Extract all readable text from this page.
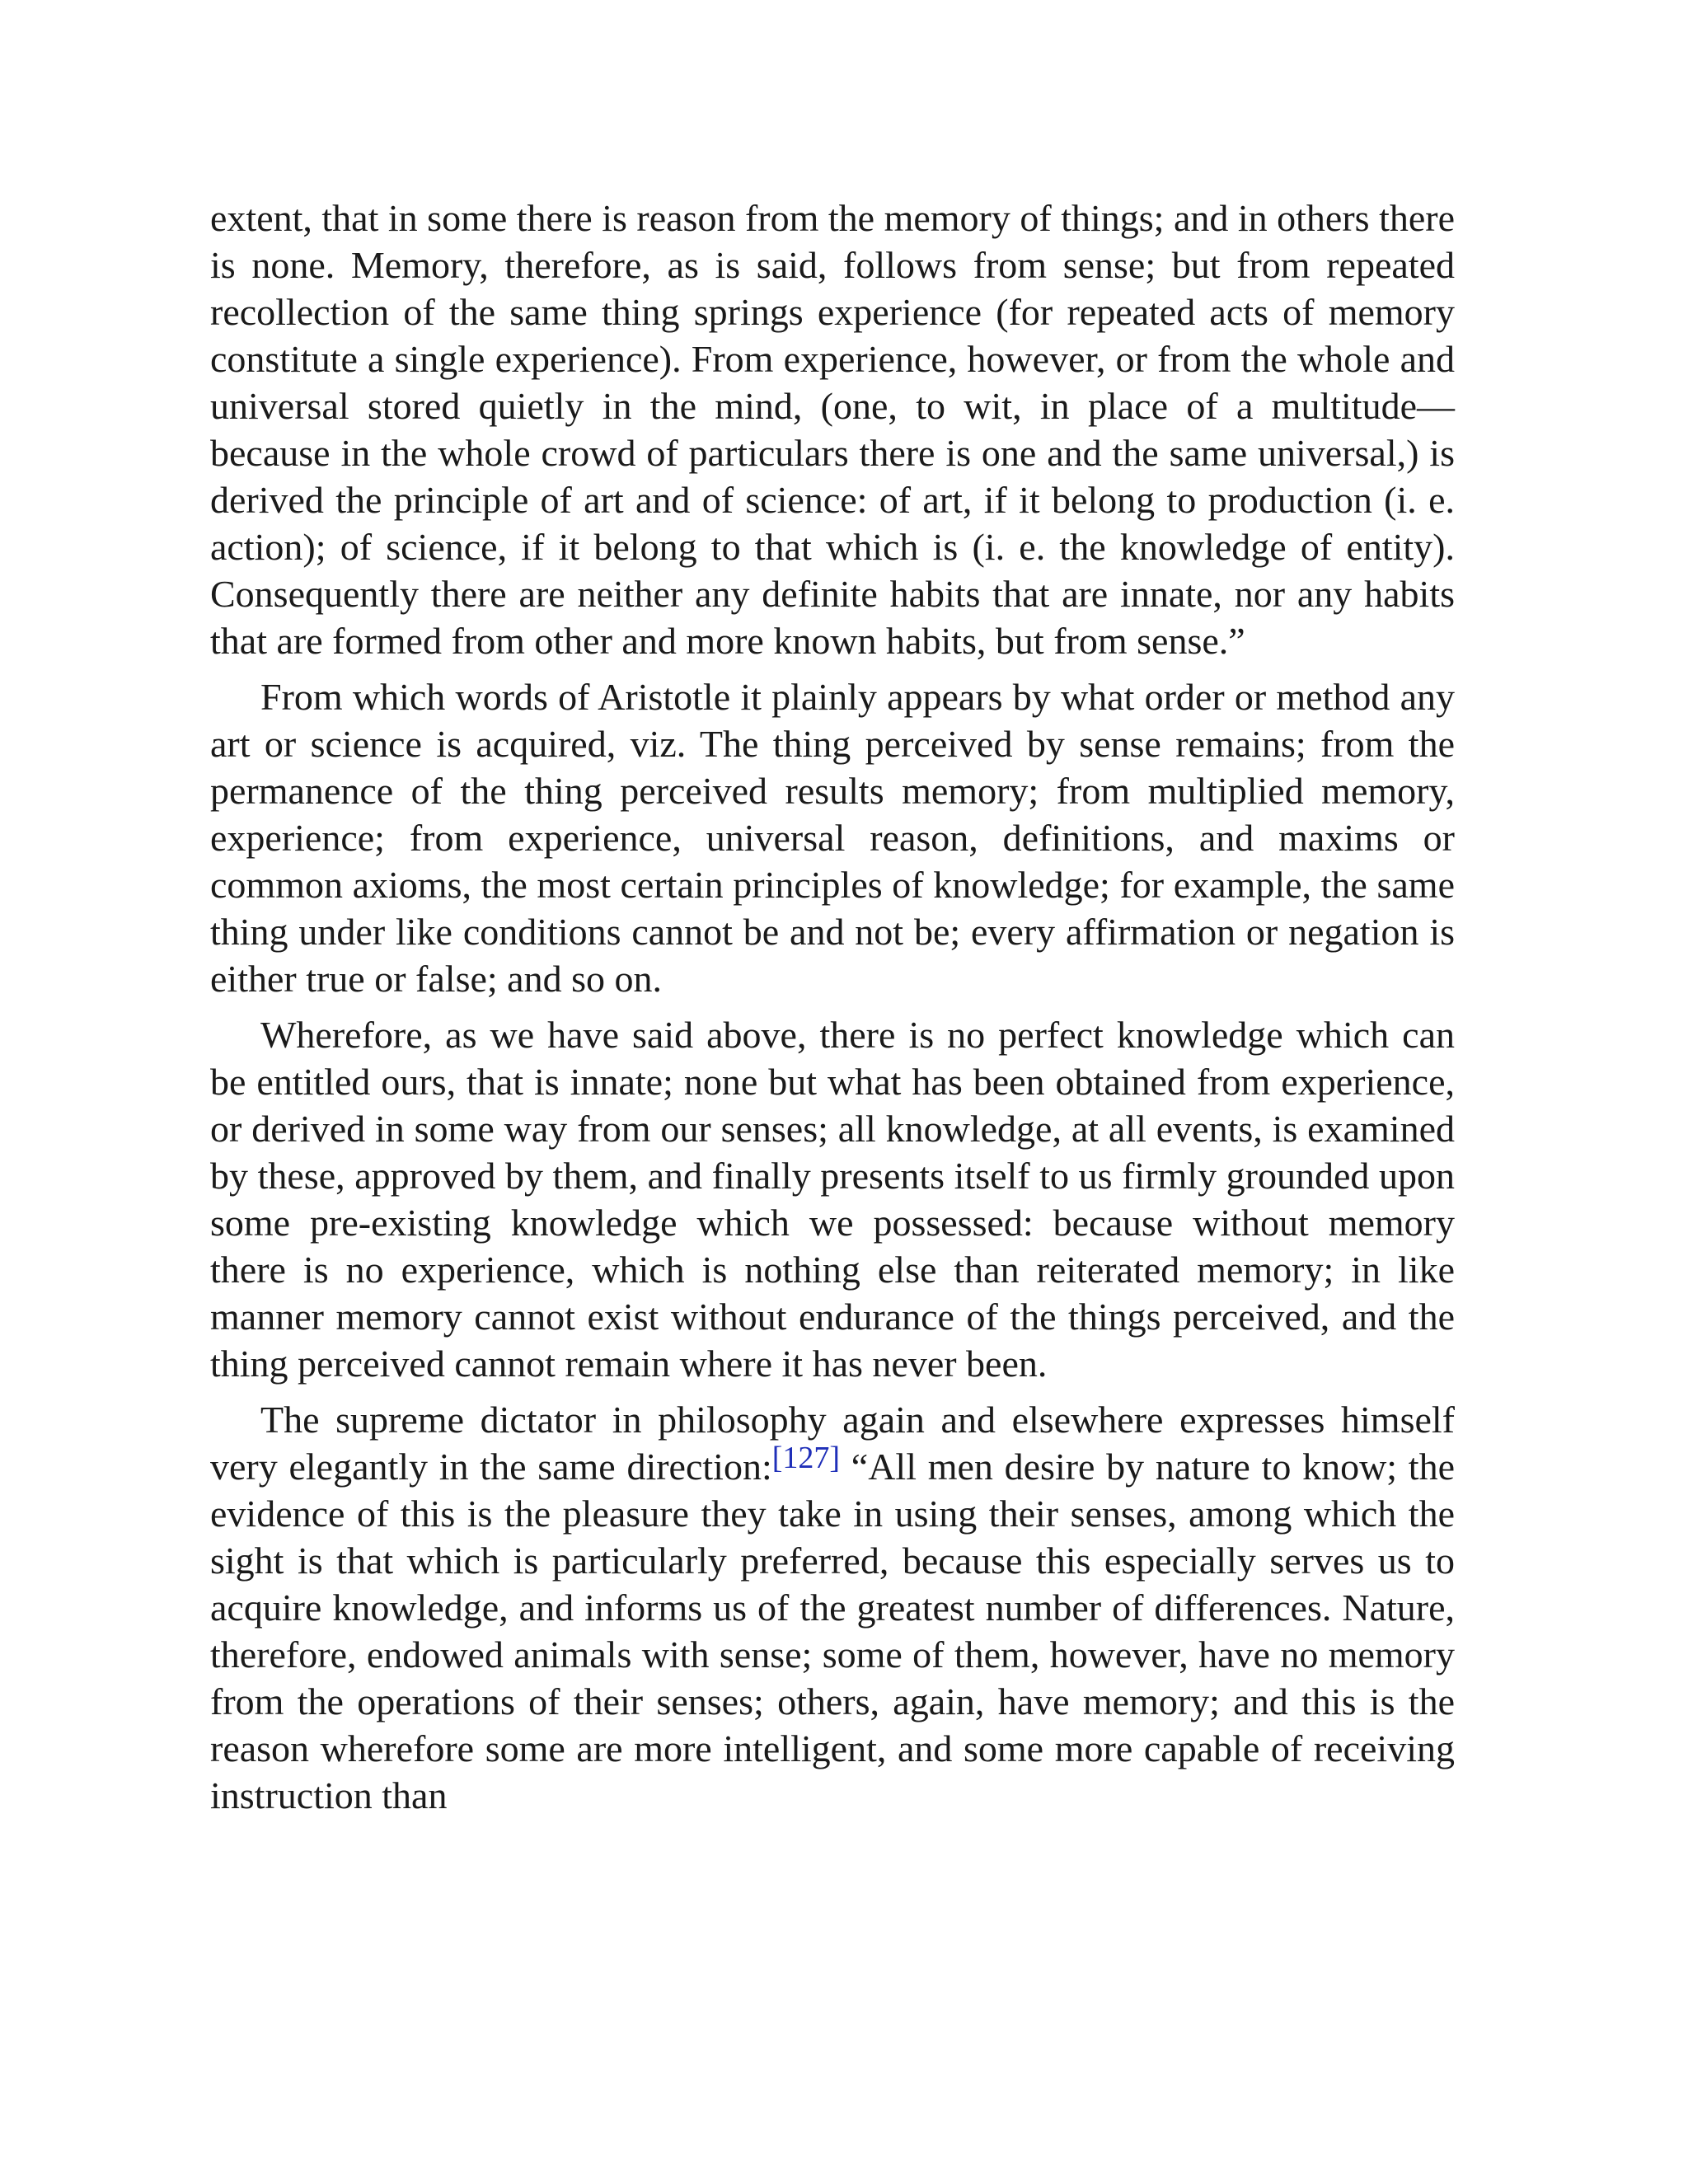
extent, that in some there is reason from the memory of things; and in others there is none. Memory, therefore, as is said, follows from sense; but from repeated recollection of the same thing springs experience (for repeated acts of memory constitute a single experience). From experience, however, or from the whole and universal stored quietly in the mind, (one, to wit, in place of a multitude—because in the whole crowd of particulars there is one and the same universal,) is derived the principle of art and of science: of art, if it belong to production (i. e. action); of science, if it belong to that which is (i. e. the knowledge of entity). Consequently there are neither any definite habits that are innate, nor any habits that are formed from other and more known habits, but from sense.”

From which words of Aristotle it plainly appears by what order or method any art or science is acquired, viz. The thing perceived by sense remains; from the permanence of the thing perceived results memory; from multiplied memory, experience; from experience, universal reason, definitions, and maxims or common axioms, the most certain principles of knowledge; for example, the same thing under like conditions cannot be and not be; every affirmation or negation is either true or false; and so on.

Wherefore, as we have said above, there is no perfect knowledge which can be entitled ours, that is innate; none but what has been obtained from experience, or derived in some way from our senses; all knowledge, at all events, is examined by these, approved by them, and finally presents itself to us firmly grounded upon some pre-existing knowledge which we possessed: because without memory there is no experience, which is nothing else than reiterated memory; in like manner memory cannot exist without endurance of the things perceived, and the thing perceived cannot remain where it has never been.

The supreme dictator in philosophy again and elsewhere expresses himself very elegantly in the same direction:[127] “All men desire by nature to know; the evidence of this is the pleasure they take in using their senses, among which the sight is that which is particularly preferred, because this especially serves us to acquire knowledge, and informs us of the greatest number of differences. Nature, therefore, endowed animals with sense; some of them, however, have no memory from the operations of their senses; others, again, have memory; and this is the reason wherefore some are more intelligent, and some more capable of receiving instruction than
